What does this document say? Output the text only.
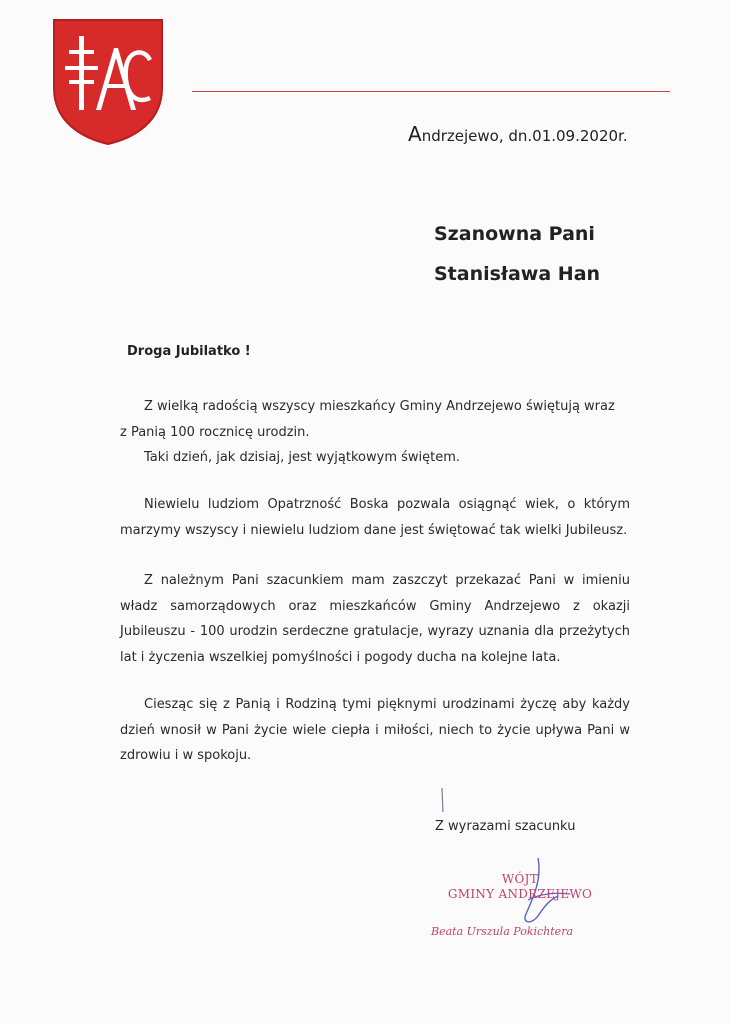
Andrzejewo, dn.01.09.2020r.
Szanowna Pani
Stanisława Han
Droga Jubilatko !

Z wielką radością wszyscy mieszkańcy Gminy Andrzejewo świętują wraz

z Panią 100 rocznicę urodzin.

Taki dzień, jak dzisiaj, jest wyjątkowym świętem.

Niewielu ludziom Opatrzność Boska pozwala osiągnąć wiek, o którym marzymy wszyscy i niewielu ludziom dane jest świętować tak wielki Jubileusz.

Z należnym Pani szacunkiem mam zaszczyt przekazać Pani w imieniu władz samorządowych oraz mieszkańców Gminy Andrzejewo z okazji Jubileuszu - 100 urodzin serdeczne gratulacje, wyrazy uznania dla przeżytych lat i życzenia wszelkiej pomyślności i pogody ducha na kolejne lata.

Ciesząc się z Panią i Rodziną tymi pięknymi urodzinami życzę aby każdy dzień wnosił w Pani życie wiele ciepła i miłości, niech to życie upływa Pani w zdrowiu i w spokoju.

Z wyrazami szacunku
WÓJT
GMINY ANDRZEJEWO
Beata Urszula Pokichtera
